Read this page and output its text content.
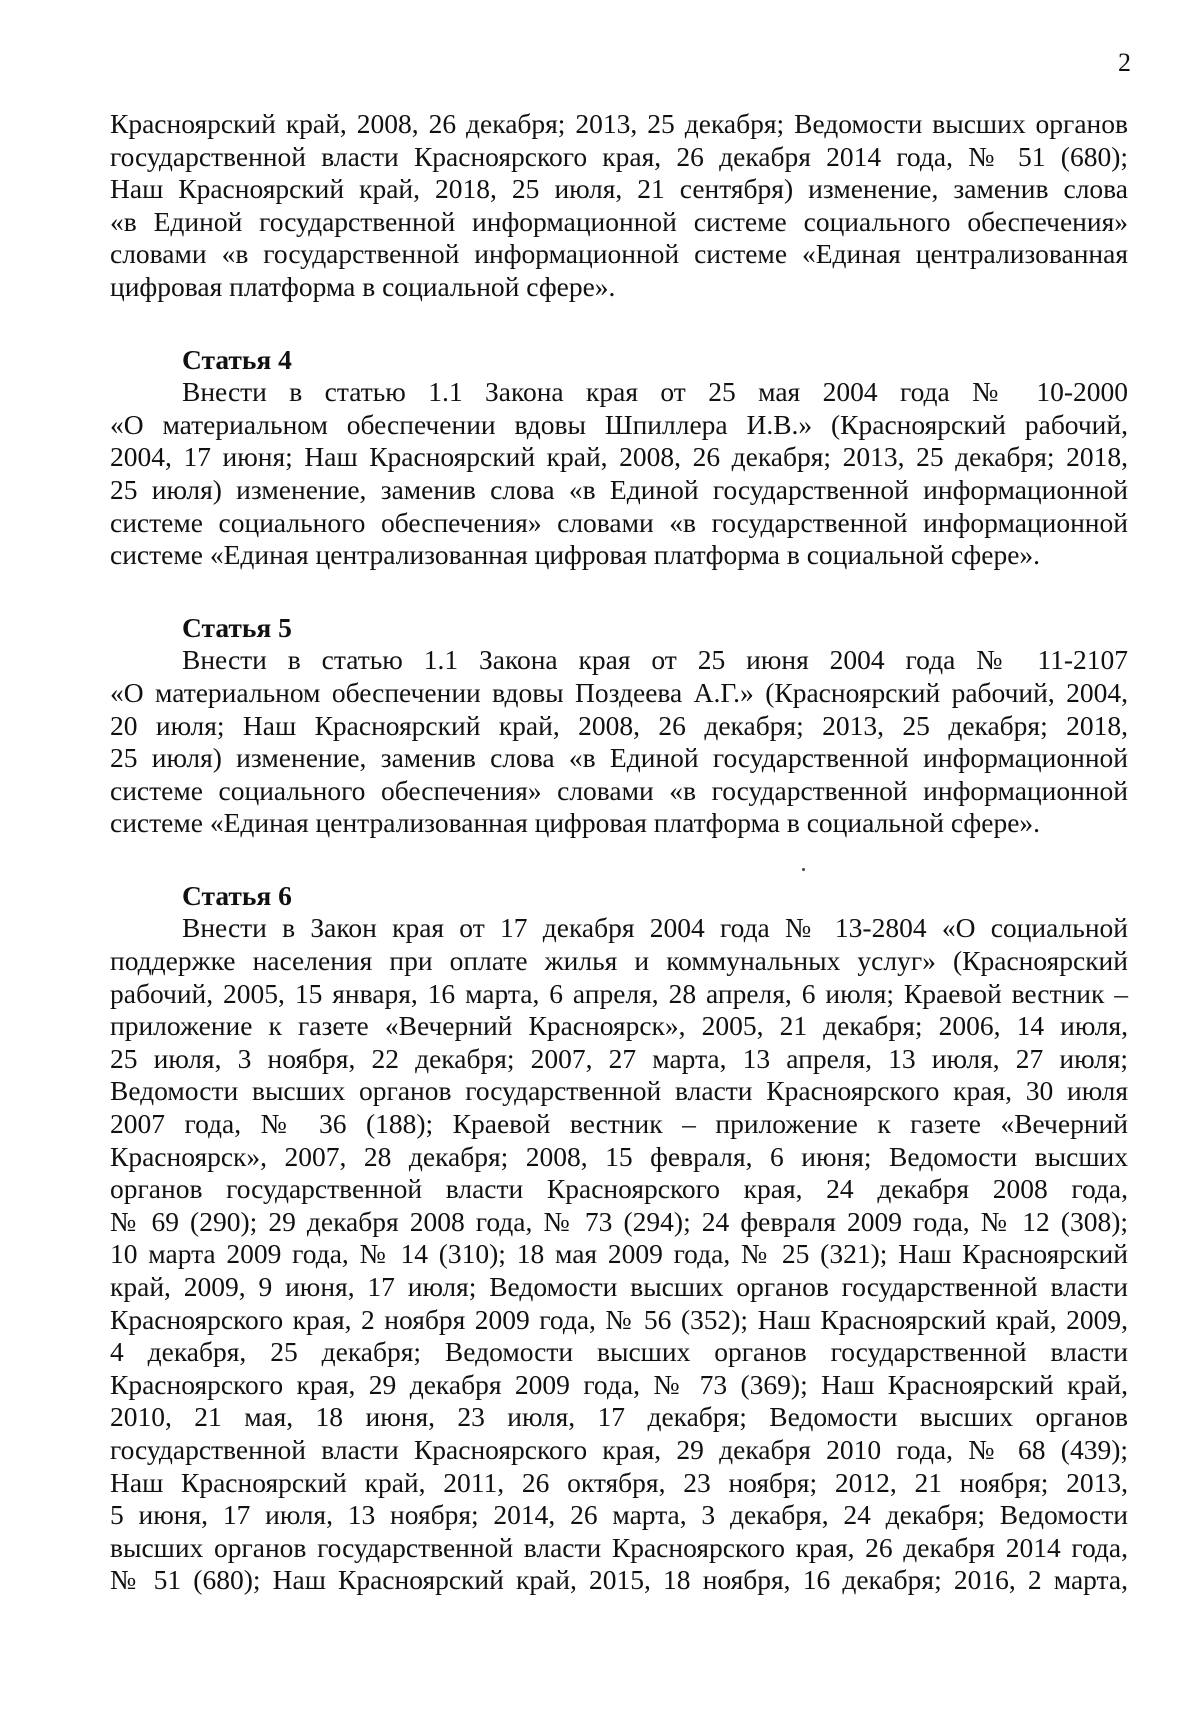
2

Красноярский край, 2008, 26 декабря; 2013, 25 декабря; Ведомости высших органов
государственной власти Красноярского края, 26 декабря 2014 года, № 51 (680);
Наш Красноярский край, 2018, 25 июля, 21 сентября) изменение, заменив слова
«в Единой государственной информационной системе социального обеспечения»
словами «в государственной информационной системе «Единая централизованная
цифровая платформа в социальной сфере».

Статья 4
Внести в статью 1.1 Закона края от 25 мая 2004 года № 10-2000
«О материальном обеспечении вдовы Шпиллера И.В.» (Красноярский рабочий,
2004, 17 июня; Наш Красноярский край, 2008, 26 декабря; 2013, 25 декабря; 2018,
25 июля) изменение, заменив слова «в Единой государственной информационной
системе социального обеспечения» словами «в государственной информационной
системе «Единая централизованная цифровая платформа в социальной сфере».

Статья 5
Внести в статью 1.1 Закона края от 25 июня 2004 года № 11-2107
«О материальном обеспечении вдовы Поздеева А.Г.» (Красноярский рабочий, 2004,
20 июля; Наш Красноярский край, 2008, 26 декабря; 2013, 25 декабря; 2018,
25 июля) изменение, заменив слова «в Единой государственной информационной
системе социального обеспечения» словами «в государственной информационной
системе «Единая централизованная цифровая платформа в социальной сфере».

Статья 6
Внести в Закон края от 17 декабря 2004 года № 13-2804 «О социальной
поддержке населения при оплате жилья и коммунальных услуг» (Красноярский
рабочий, 2005, 15 января, 16 марта, 6 апреля, 28 апреля, 6 июля; Краевой вестник –
приложение к газете «Вечерний Красноярск», 2005, 21 декабря; 2006, 14 июля,
25 июля, 3 ноября, 22 декабря; 2007, 27 марта, 13 апреля, 13 июля, 27 июля;
Ведомости высших органов государственной власти Красноярского края, 30 июля
2007 года, № 36 (188); Краевой вестник – приложение к газете «Вечерний
Красноярск», 2007, 28 декабря; 2008, 15 февраля, 6 июня; Ведомости высших
органов государственной власти Красноярского края, 24 декабря 2008 года,
№ 69 (290); 29 декабря 2008 года, № 73 (294); 24 февраля 2009 года, № 12 (308);
10 марта 2009 года, № 14 (310); 18 мая 2009 года, № 25 (321); Наш Красноярский
край, 2009, 9 июня, 17 июля; Ведомости высших органов государственной власти
Красноярского края, 2 ноября 2009 года, № 56 (352); Наш Красноярский край, 2009,
4 декабря, 25 декабря; Ведомости высших органов государственной власти
Красноярского края, 29 декабря 2009 года, № 73 (369); Наш Красноярский край,
2010, 21 мая, 18 июня, 23 июля, 17 декабря; Ведомости высших органов
государственной власти Красноярского края, 29 декабря 2010 года, № 68 (439);
Наш Красноярский край, 2011, 26 октября, 23 ноября; 2012, 21 ноября; 2013,
5 июня, 17 июля, 13 ноября; 2014, 26 марта, 3 декабря, 24 декабря; Ведомости
высших органов государственной власти Красноярского края, 26 декабря 2014 года,
№ 51 (680); Наш Красноярский край, 2015, 18 ноября, 16 декабря; 2016, 2 марта,
